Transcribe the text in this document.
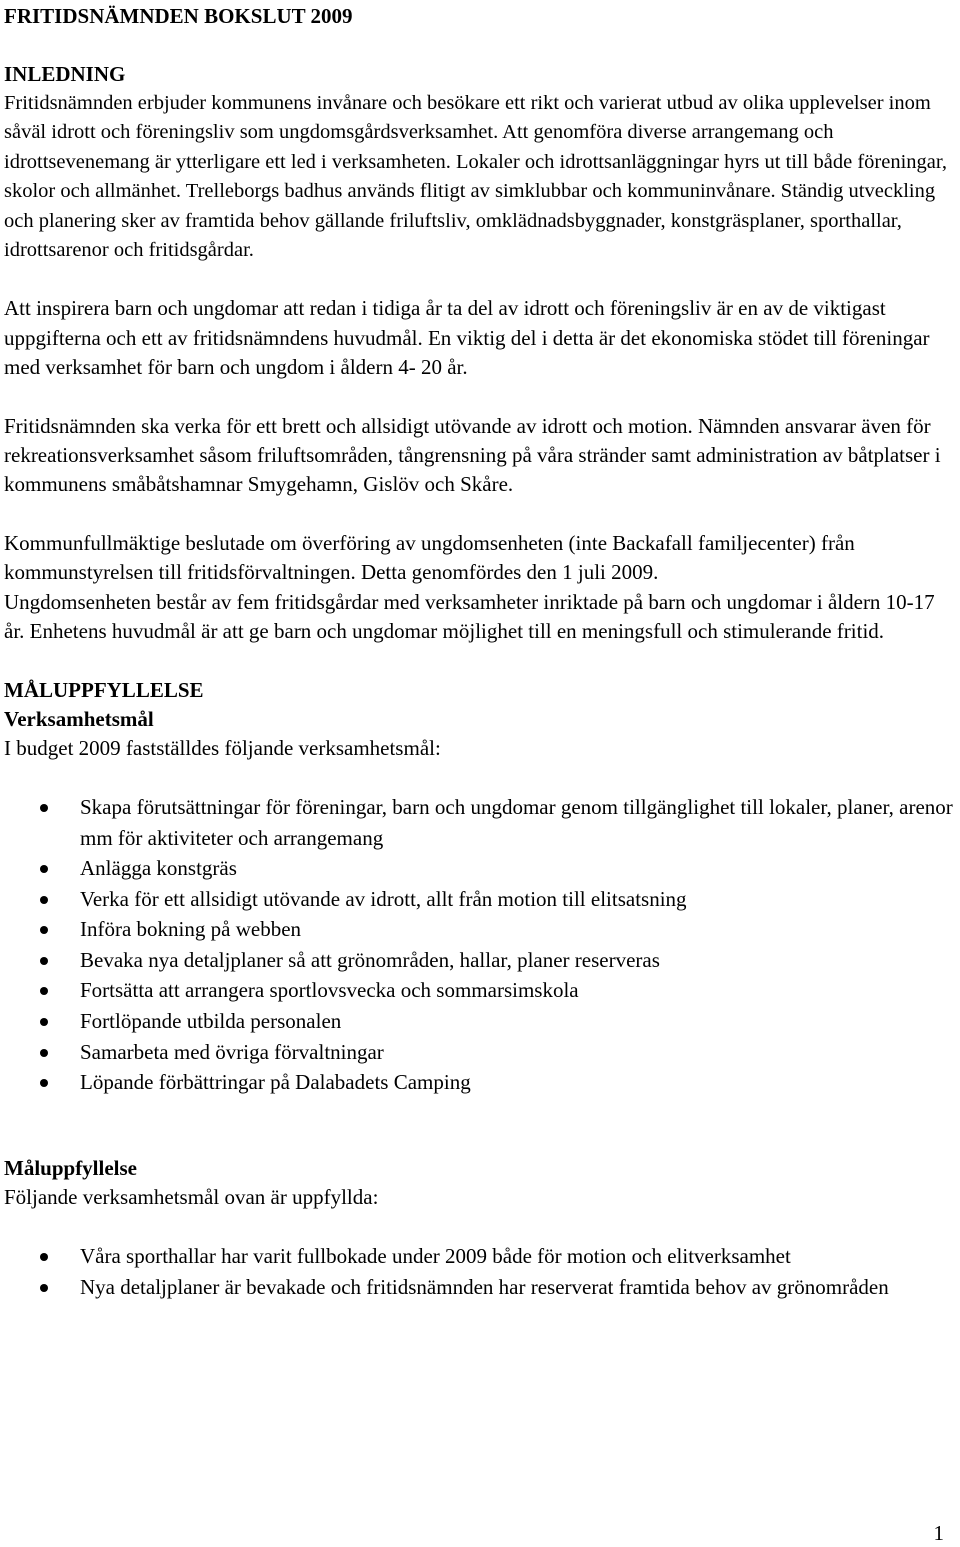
FRITIDSNÄMNDEN BOKSLUT 2009
INLEDNING

Fritidsnämnden erbjuder kommunens invånare och besökare ett rikt och varierat utbud av olika upplevelser inom såväl idrott och föreningsliv som ungdomsgårdsverksamhet. Att genomföra diverse arrangemang och idrottsevenemang är ytterligare ett led i verksamheten. Lokaler och idrottsanläggningar hyrs ut till både föreningar, skolor och allmänhet. Trelleborgs badhus används flitigt av simklubbar och kommuninvånare. Ständig utveckling och planering sker av framtida behov gällande friluftsliv, omklädnadsbyggnader, konstgräsplaner, sporthallar, idrottsarenor och fritidsgårdar.

Att inspirera barn och ungdomar att redan i tidiga år ta del av idrott och föreningsliv är en av de viktigast uppgifterna och ett av fritidsnämndens huvudmål. En viktig del i detta är det ekonomiska stödet till föreningar med verksamhet för barn och ungdom i åldern 4- 20 år.

Fritidsnämnden ska verka för ett brett och allsidigt utövande av idrott och motion. Nämnden ansvarar även för rekreationsverksamhet såsom friluftsområden, tångrensning på våra stränder samt administration av båtplatser i kommunens småbåtshamnar Smygehamn, Gislöv och Skåre.

Kommunfullmäktige beslutade om överföring av ungdomsenheten (inte Backafall familjecenter) från kommunstyrelsen till fritidsförvaltningen. Detta genomfördes den 1 juli 2009.

Ungdomsenheten består av fem fritidsgårdar med verksamheter inriktade på barn och ungdomar i åldern 10-17 år. Enhetens huvudmål är att ge barn och ungdomar möjlighet till en meningsfull och stimulerande fritid.

MÅLUPPFYLLELSE
Verksamhetsmål

I budget 2009 fastställdes följande verksamhetsmål:

Skapa förutsättningar för föreningar, barn och ungdomar genom tillgänglighet till lokaler, planer, arenor mm för aktiviteter och arrangemang
Anlägga konstgräs
Verka för ett allsidigt utövande av idrott, allt från motion till elitsatsning
Införa bokning på webben
Bevaka nya detaljplaner så att grönområden, hallar, planer reserveras
Fortsätta att arrangera sportlovsvecka och sommarsimskola
Fortlöpande utbilda personalen
Samarbeta med övriga förvaltningar
Löpande förbättringar på Dalabadets Camping
Måluppfyllelse

Följande verksamhetsmål ovan är uppfyllda:

Våra sporthallar har varit fullbokade under 2009 både för motion och elitverksamhet
Nya detaljplaner är bevakade och fritidsnämnden har reserverat framtida behov av grönområden
1
